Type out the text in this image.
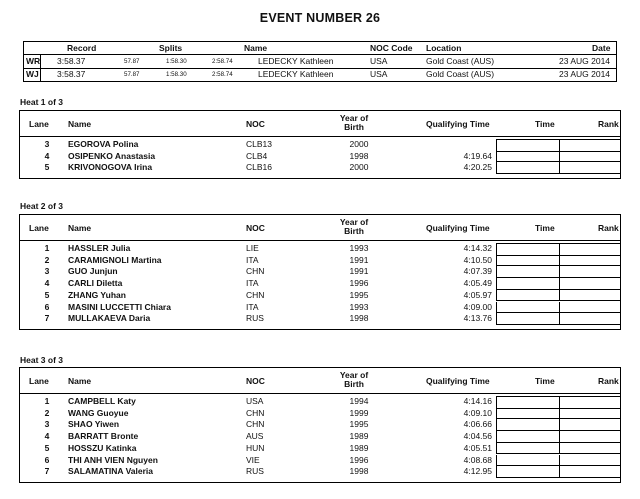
EVENT NUMBER 26
Record	Splits	Name	NOC Code Location	Date
WR 3:58.37	57.87	1:58.30	2:58.74	LEDECKY Kathleen	USA	Gold Coast (AUS)	23 AUG 2014
WJ 3:58.37	57.87	1:58.30	2:58.74	LEDECKY Kathleen	USA	Gold Coast (AUS)	23 AUG 2014
Heat 1 of 3
Lane Name	NOC	Qualifying Time	Time	Rank
Year of
Birth
3	EGOROVA Polina	CLB13	2000
4	OSIPENKO Anastasia	CLB4	1998	4:19.64
5	KRIVONOGOVA Irina	CLB16	2000	4:20.25
Heat 2 of 3
Lane Name	NOC	Qualifying Time	Time	Rank
Year of
Birth
1	HASSLER Julia	LIE	1993	4:14.32
2	CARAMIGNOLI Martina	ITA	1991	4:10.50
3	GUO Junjun	CHN	1991	4:07.39
4	CARLI Diletta	ITA	1996	4:05.49
5	ZHANG Yuhan	CHN	1995	4:05.97
6	MASINI LUCCETTI Chiara	ITA	1993	4:09.00
7	MULLAKAEVA Daria	RUS	1998	4:13.76
Heat 3 of 3
Lane Name	NOC	Qualifying Time	Time	Rank
Year of
Birth
1	CAMPBELL Katy	USA	1994	4:14.16
2	WANG Guoyue	CHN	1999	4:09.10
3	SHAO Yiwen	CHN	1995	4:06.66
4	BARRATT Bronte	AUS	1989	4:04.56
5	HOSSZU Katinka	HUN	1989	4:05.51
6	THI ANH VIEN Nguyen	VIE	1996	4:08.68
7	SALAMATINA Valeria	RUS	1998	4:12.95
